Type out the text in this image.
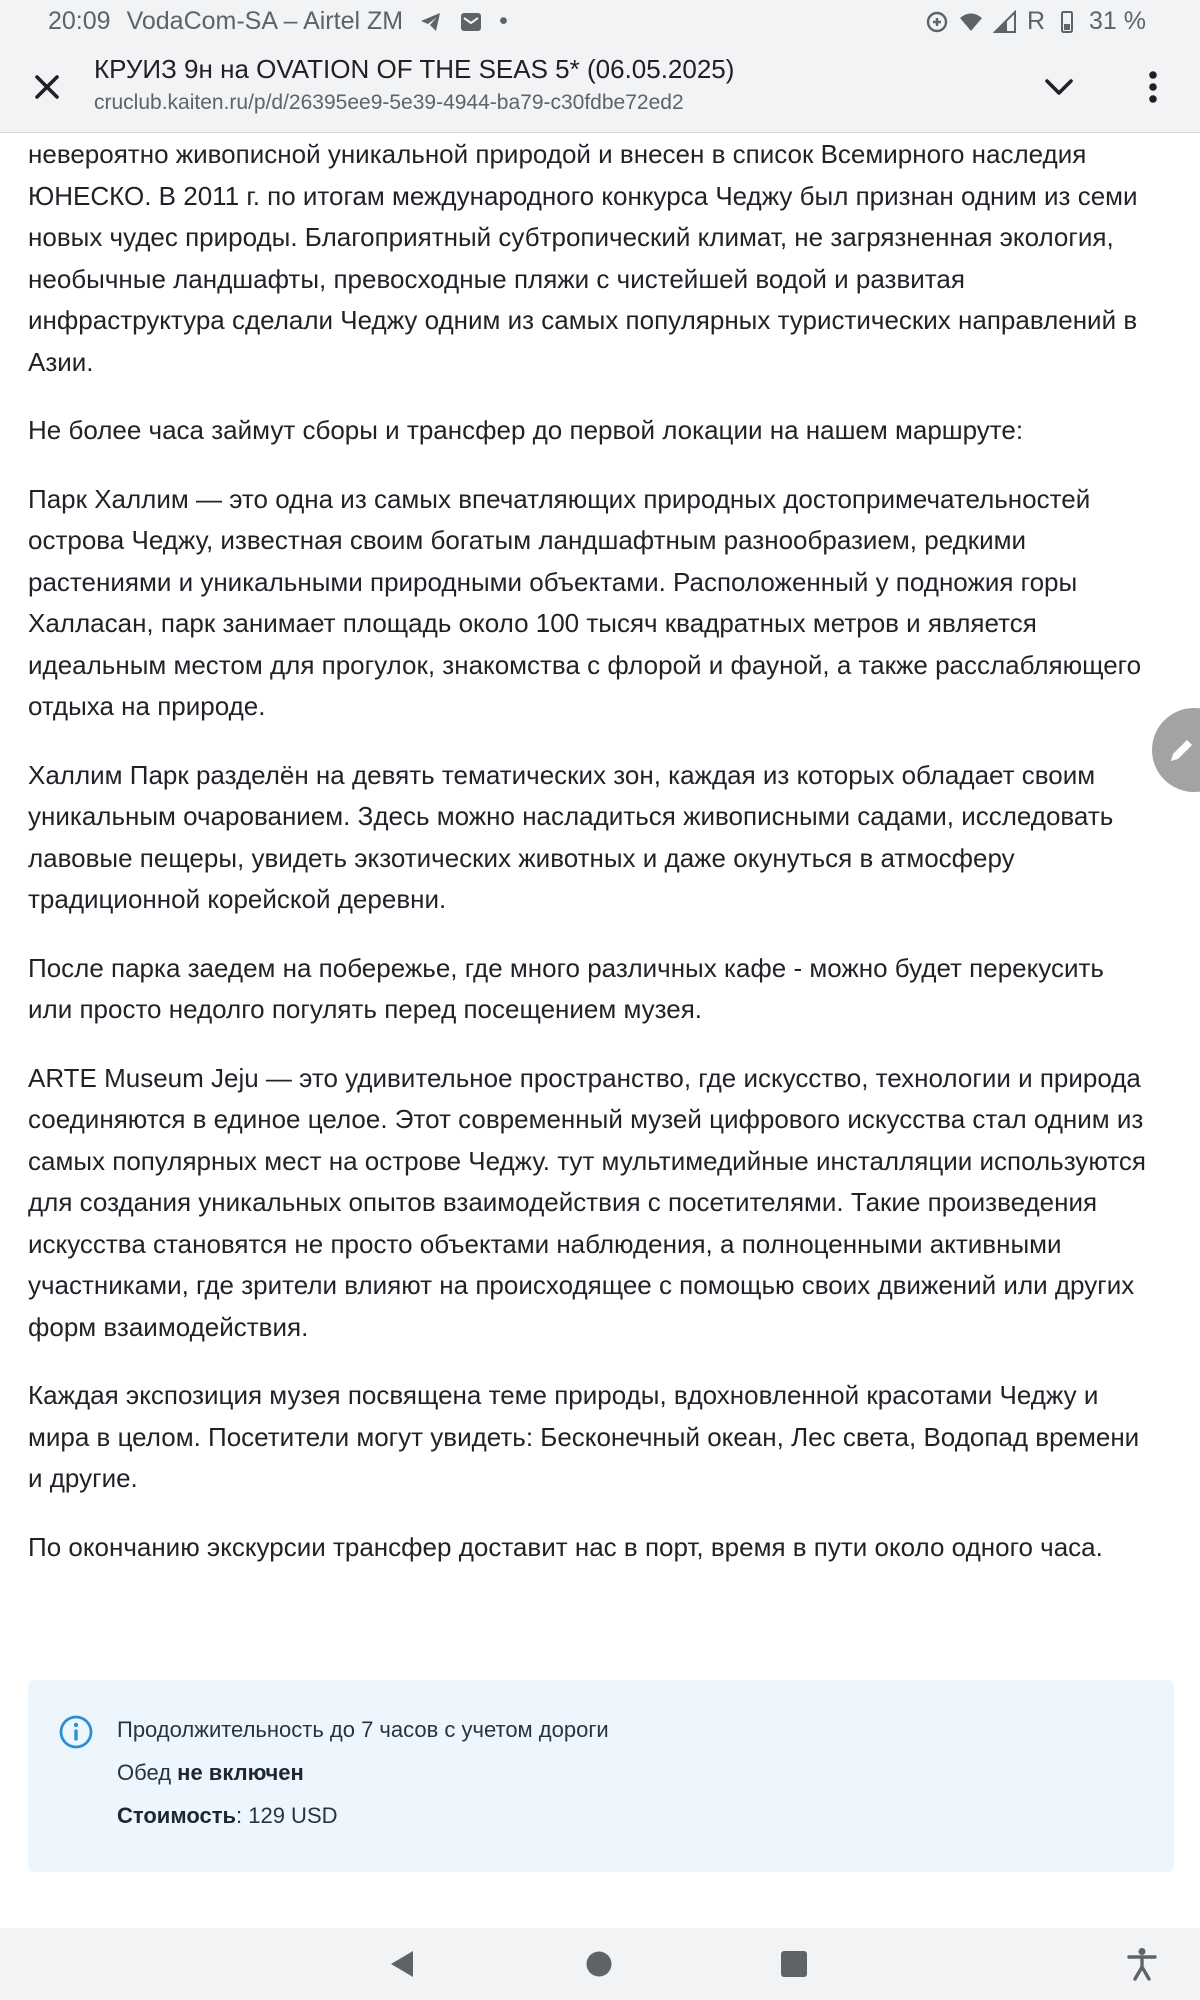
20:09 VodaCom-SA – Airtel ZM	•	R 31 %
КРУИЗ 9н на OVATION OF THE SEAS 5* (06.05.2025)
cruclub.kaiten.ru/p/d/26395ee9-5e39-4944-ba79-c30fdbe72ed2

невероятно живописной уникальной природой и внесен в список Всемирного наследия ЮНЕСКО. В 2011 г. по итогам международного конкурса Чеджу был признан одним из семи новых чудес природы. Благоприятный субтропический климат, не загрязненная экология, необычные ландшафты, превосходные пляжи с чистейшей водой и развитая инфраструктура сделали Чеджу одним из самых популярных туристических направлений в Азии.

Не более часа займут сборы и трансфер до первой локации на нашем маршруте:

Парк Халлим — это одна из самых впечатляющих природных достопримечательностей острова Чеджу, известная своим богатым ландшафтным разнообразием, редкими растениями и уникальными природными объектами. Расположенный у подножия горы Халласан, парк занимает площадь около 100 тысяч квадратных метров и является идеальным местом для прогулок, знакомства с флорой и фауной, а также расслабляющего отдыха на природе.

Халлим Парк разделён на девять тематических зон, каждая из которых обладает своим уникальным очарованием. Здесь можно насладиться живописными садами, исследовать лавовые пещеры, увидеть экзотических животных и даже окунуться в атмосферу традиционной корейской деревни.

После парка заедем на побережье, где много различных кафе - можно будет перекусить или просто недолго погулять перед посещением музея.

ARTE Museum Jeju — это удивительное пространство, где искусство, технологии и природа соединяются в единое целое. Этот современный музей цифрового искусства стал одним из самых популярных мест на острове Чеджу. тут мультимедийные инсталляции используются для создания уникальных опытов взаимодействия с посетителями. Такие произведения искусства становятся не просто объектами наблюдения, а полноценными активными участниками, где зрители влияют на происходящее с помощью своих движений или других форм взаимодействия.

Каждая экспозиция музея посвящена теме природы, вдохновленной красотами Чеджу и мира в целом. Посетители могут увидеть: Бесконечный океан, Лес света, Водопад времени и другие.

По окончанию экскурсии трансфер доставит нас в порт, время в пути около одного часа.

Продолжительность до 7 часов с учетом дороги
Обед не включен
Стоимость: 129 USD
